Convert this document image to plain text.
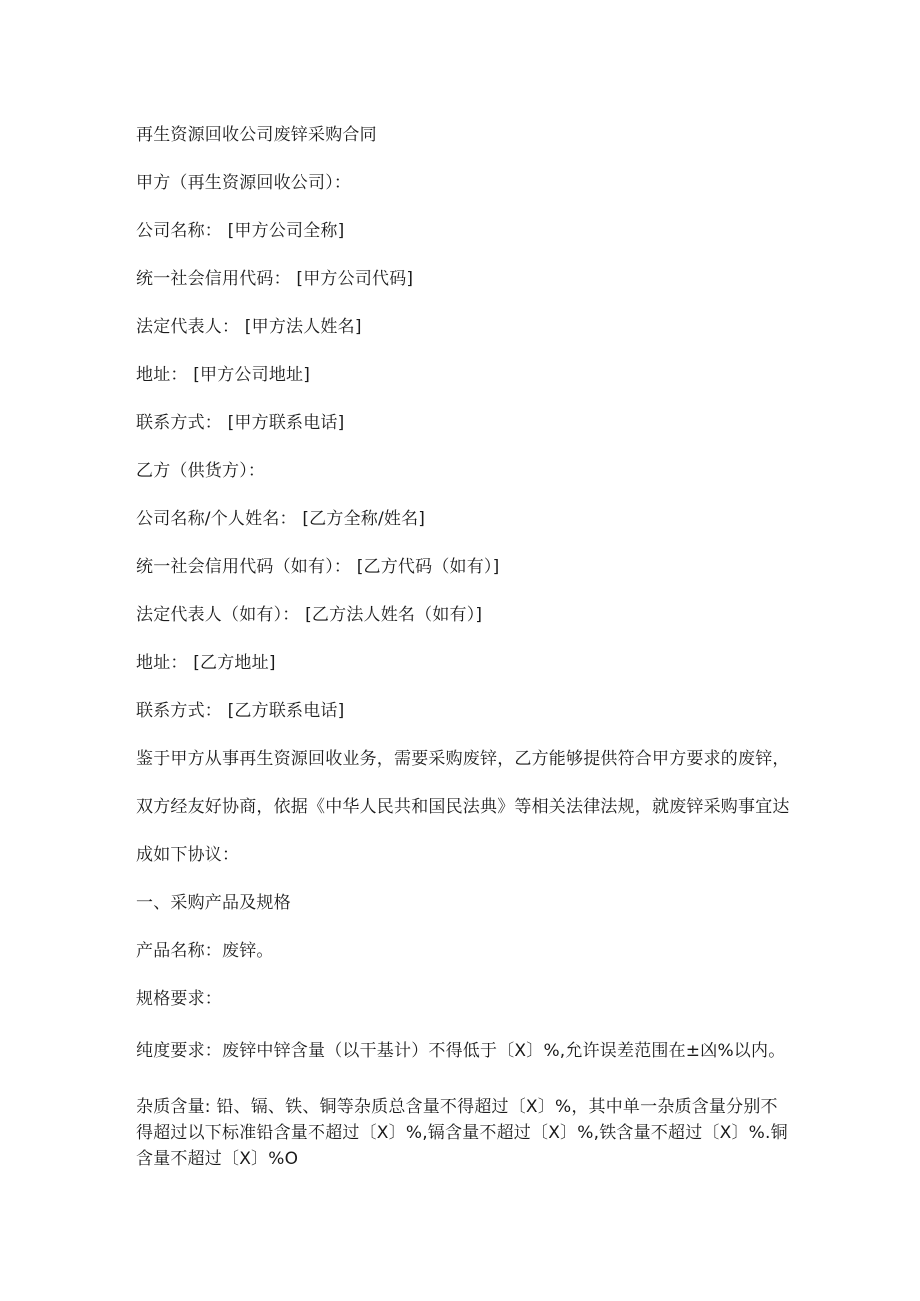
再生资源回收公司废锌采购合同
甲方（再生资源回收公司）：
公司名称： [甲方公司全称]
统一社会信用代码： [甲方公司代码]
法定代表人： [甲方法人姓名]
地址： [甲方公司地址]
联系方式： [甲方联系电话]
乙方（供货方）：
公司名称/个人姓名： [乙方全称/姓名]
统一社会信用代码（如有）： [乙方代码（如有）]
法定代表人（如有）： [乙方法人姓名（如有）]
地址： [乙方地址]
联系方式： [乙方联系电话]
鉴于甲方从事再生资源回收业务，需要采购废锌，乙方能够提供符合甲方要求的废锌，
双方经友好协商，依据《中华人民共和国民法典》等相关法律法规，就废锌采购事宜达
成如下协议：
一、采购产品及规格
产品名称：废锌。
规格要求：
纯度要求：废锌中锌含量（以干基计）不得低于〔X〕%,允许误差范围在±凶%以内。
杂质含量: 铅、镉、铁、铜等杂质总含量不得超过〔X〕%，其中单一杂质含量分别不得超过以下标准铅含量不超过〔X〕%,镉含量不超过〔X〕%,铁含量不超过〔X〕%.铜含量不超过〔X〕%O
